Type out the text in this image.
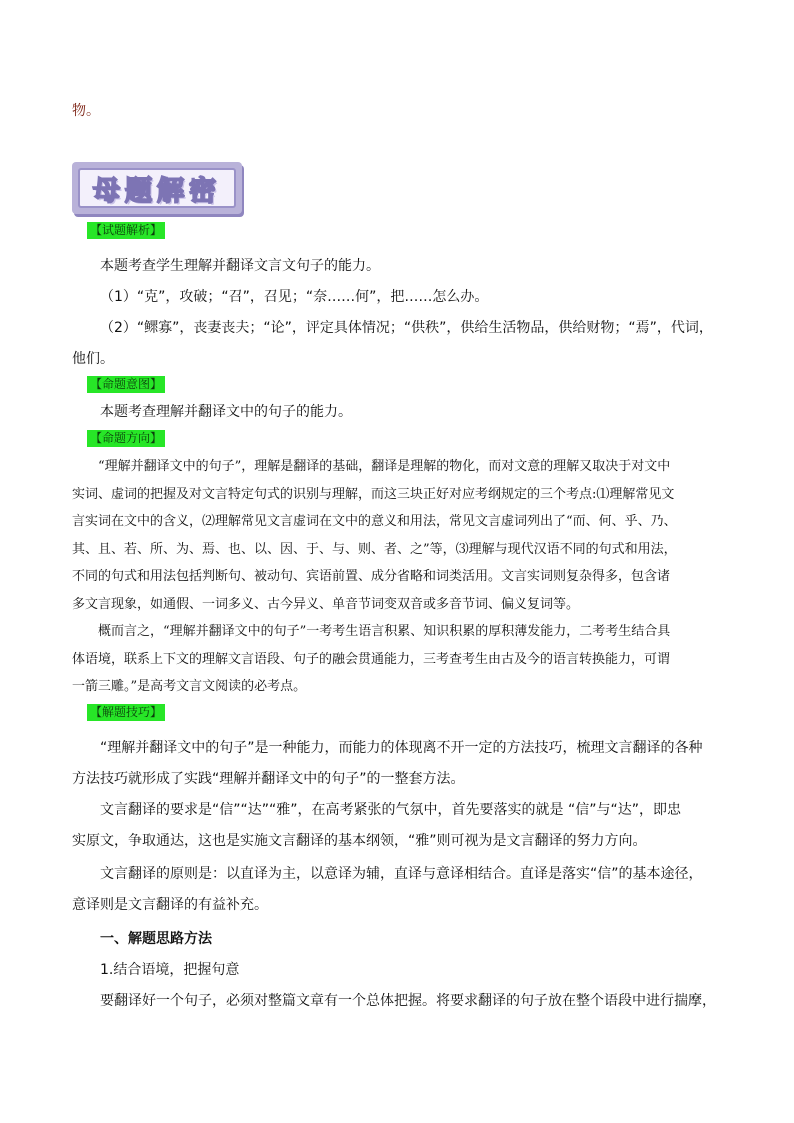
物。
母题解密
【试题解析】
本题考查学生理解并翻译文言文句子的能力。
（1）“克”，攻破；“召”，召见；“奈……何”，把……怎么办。
（2）“鳏寡”，丧妻丧夫；“论”，评定具体情况；“供秩”，供给生活物品，供给财物；“焉”，代词，
他们。
【命题意图】
本题考查理解并翻译文中的句子的能力。
【命题方向】
“理解并翻译文中的句子”，理解是翻译的基础，翻译是理解的物化，而对文意的理解又取决于对文中
实词、虚词的把握及对文言特定句式的识别与理解，而这三块正好对应考纲规定的三个考点:⑴理解常见文
言实词在文中的含义，⑵理解常见文言虚词在文中的意义和用法，常见文言虚词列出了“而、何、乎、乃、
其、且、若、所、为、焉、也、以、因、于、与、则、者、之”等，⑶理解与现代汉语不同的句式和用法，
不同的句式和用法包括判断句、被动句、宾语前置、成分省略和词类活用。文言实词则复杂得多，包含诸
多文言现象，如通假、一词多义、古今异义、单音节词变双音或多音节词、偏义复词等。
概而言之，“理解并翻译文中的句子”一考考生语言积累、知识积累的厚积薄发能力，二考考生结合具
体语境，联系上下文的理解文言语段、句子的融会贯通能力，三考查考生由古及今的语言转换能力，可谓
一箭三雕。”是高考文言文阅读的必考点。
【解题技巧】
“理解并翻译文中的句子”是一种能力，而能力的体现离不开一定的方法技巧，梳理文言翻译的各种
方法技巧就形成了实践“理解并翻译文中的句子”的一整套方法。
文言翻译的要求是“信”“达”“雅”，在高考紧张的气氛中，首先要落实的就是 “信”与“达”，即忠
实原文，争取通达，这也是实施文言翻译的基本纲领，“雅”则可视为是文言翻译的努力方向。
文言翻译的原则是：以直译为主，以意译为辅，直译与意译相结合。直译是落实“信”的基本途径，
意译则是文言翻译的有益补充。
一、解题思路方法
1.结合语境，把握句意
要翻译好一个句子，必须对整篇文章有一个总体把握。将要求翻译的句子放在整个语段中进行揣摩，
